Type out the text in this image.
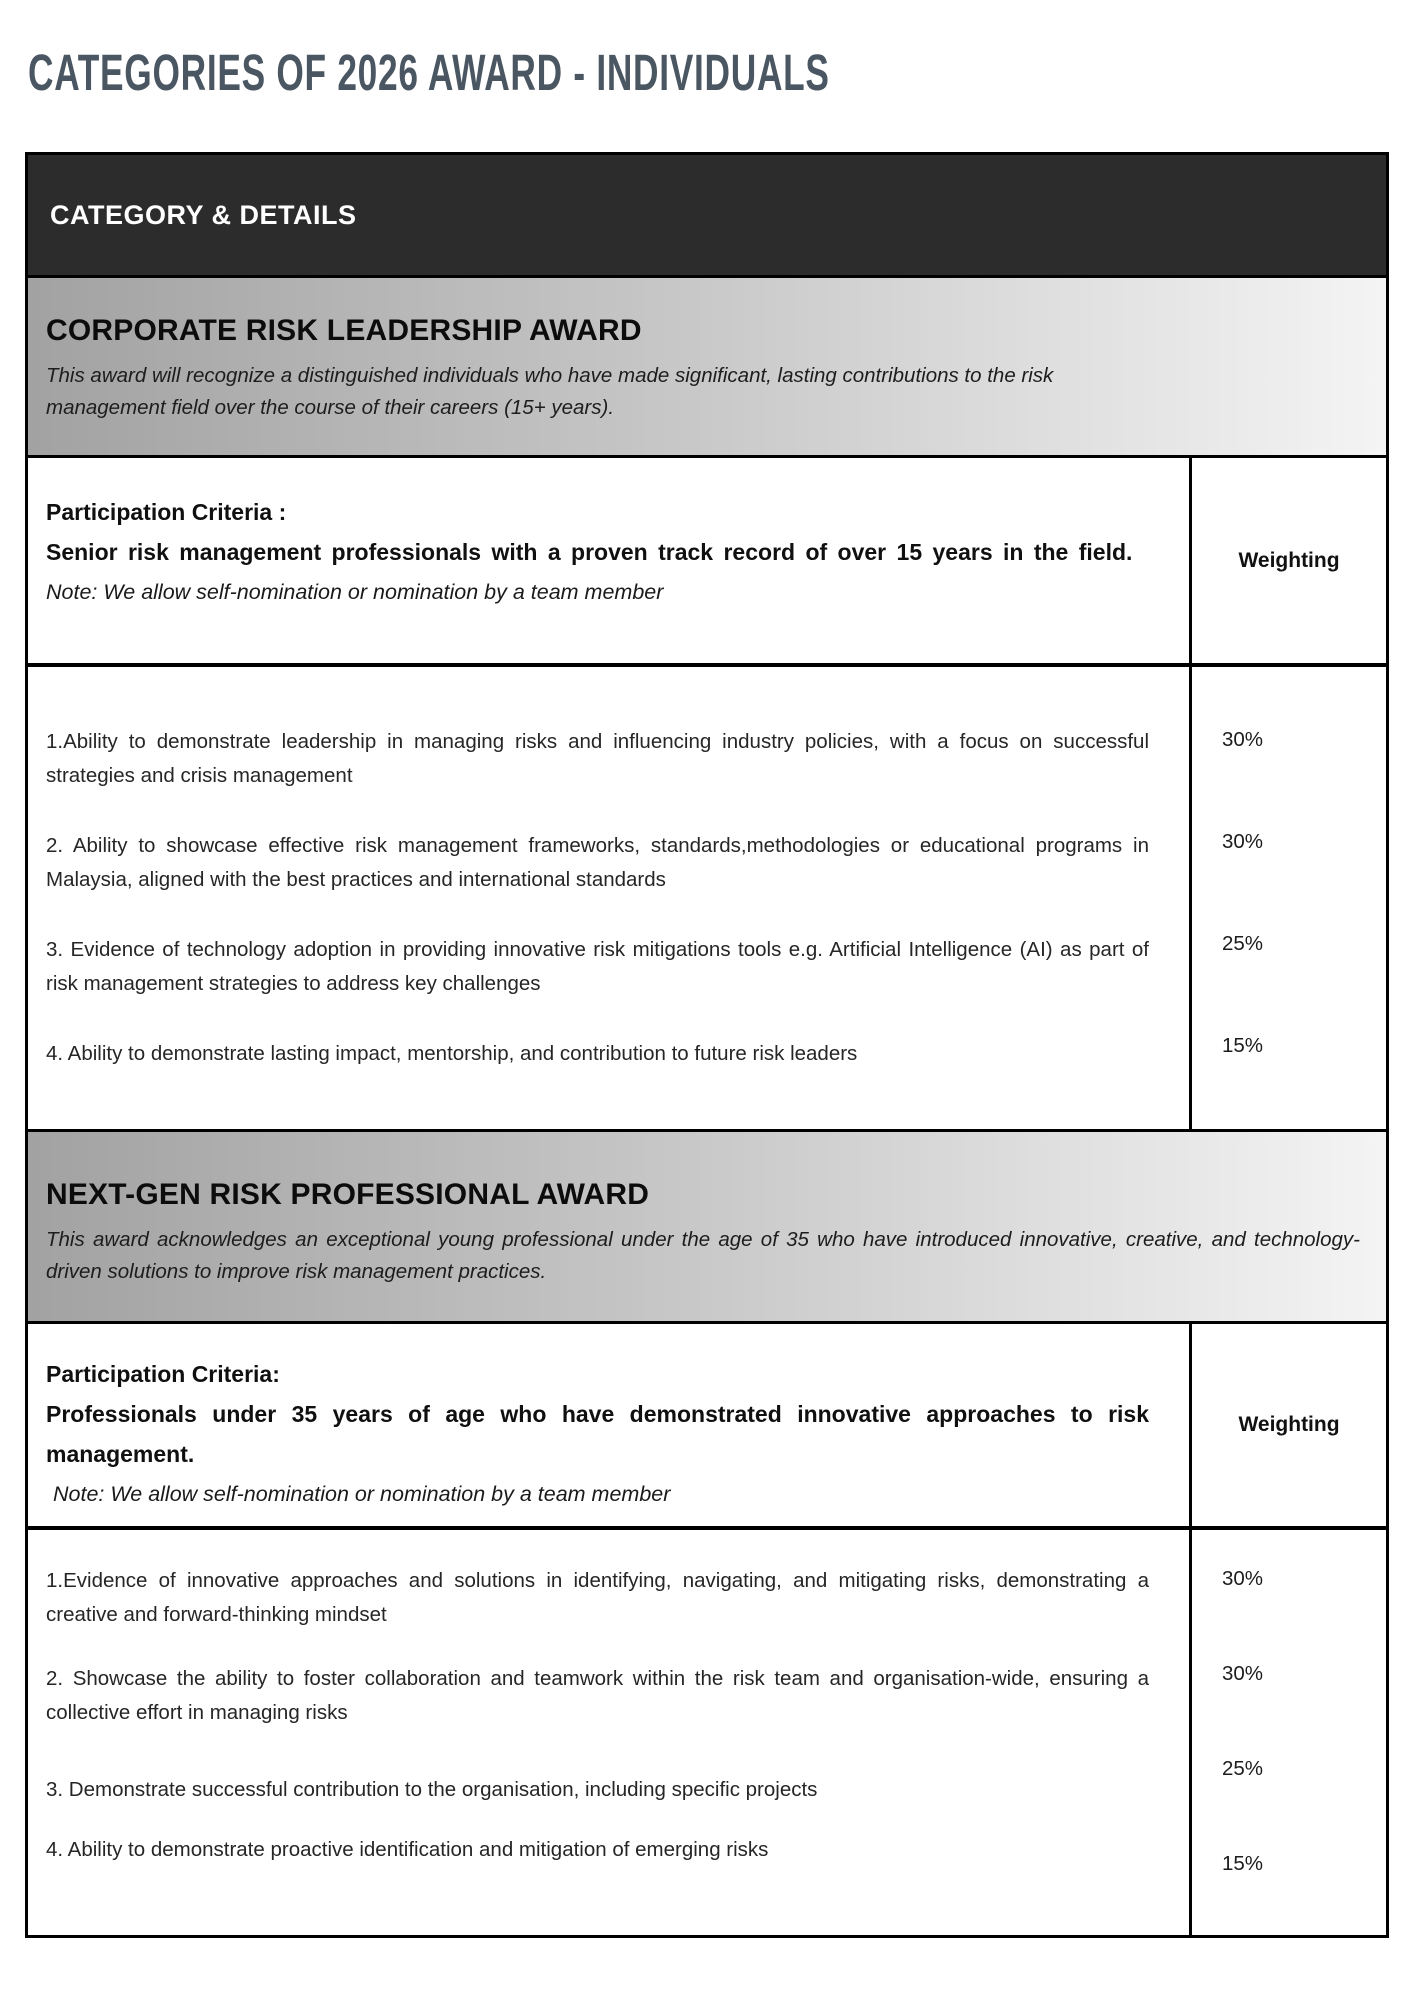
CATEGORIES OF 2026 AWARD - INDIVIDUALS
CATEGORY & DETAILS
CORPORATE RISK LEADERSHIP AWARD
This award will recognize a distinguished individuals who have made significant, lasting contributions to the risk management field over the course of their careers (15+ years).
Participation Criteria :
Senior risk management professionals with a proven track record of over 15 years in the field.
Note: We allow self-nomination or nomination by a team member
Weighting

1.Ability to demonstrate leadership in managing risks and influencing industry policies, with a focus on successful strategies and crisis management

2. Ability to showcase effective risk management frameworks, standards,methodologies or educational programs in Malaysia, aligned with the best practices and international standards

3. Evidence of technology adoption in providing innovative risk mitigations tools e.g. Artificial Intelligence (AI) as part of risk management strategies to address key challenges

4. Ability to demonstrate lasting impact, mentorship, and contribution to future risk leaders

30%
30%
25%
15%
NEXT-GEN RISK PROFESSIONAL AWARD
This award acknowledges an exceptional young professional under the age of 35 who have introduced innovative, creative, and technology-driven solutions to improve risk management practices.
Participation Criteria:
Professionals under 35 years of age who have demonstrated innovative approaches to risk management.
Note: We allow self-nomination or nomination by a team member
Weighting

1.Evidence of innovative approaches and solutions in identifying, navigating, and mitigating risks, demonstrating a creative and forward-thinking mindset

2. Showcase the ability to foster collaboration and teamwork within the risk team and organisation-wide, ensuring a collective effort in managing risks

3. Demonstrate successful contribution to the organisation, including specific projects

4. Ability to demonstrate proactive identification and mitigation of emerging risks

30%
30%
25%
15%
